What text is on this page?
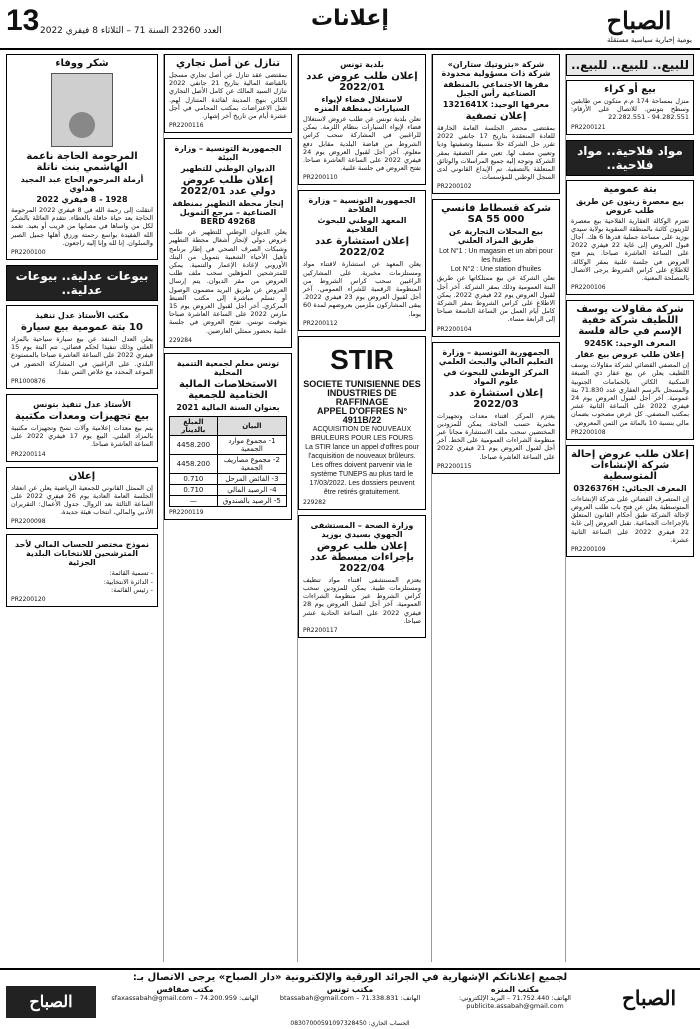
الصباح
يومية إخبارية سياسية مستقلة
إعلانات
العدد 23260 السنة 71 – الثلاثاء 8 فيفري 2022
13
للبيع.. للبيع.. للبيع..
بيع أو كراء
منزل بمساحة 174 م.م متكون من طابقين وسطح بتونس. للاتصال على الأرقام: 94.282.551 - 22.282.551
PR2200121
مواد فلاحية.. مواد فلاحية..
بتة عمومية
بيع معصرة زيتون عن طريق طلب عروض
تعتزم الوكالة العقارية الفلاحية بيع معصرة للزيتون كائنة بالمنطقة السقوية بولاية سيدي بوزيد على مساحة جملية قدرها 6 هك. آجال قبول العروض إلى غاية 22 فيفري 2022 على الساعة العاشرة صباحا. يتم فتح العروض في جلسة علنية بمقر الوكالة. للاطلاع على كراس الشروط يرجى الاتصال بالمصلحة المعنية.
PR2200106
شركة مقاولات يوسف اللطيف شركة خفية الإسم في حالة فلسة
المعرف الوحيد: 9245K
إعلان طلب عروض بيع عقار
إن المصفي القضائي لشركة مقاولات يوسف اللطيف يعلن عن بيع عقار ذي الصبغة السكنية الكائن بالحمامات الجنوبية والمسجل بالرسم العقاري عدد 71.830 بتة عمومية. آخر أجل لقبول العروض يوم 24 فيفري 2022 على الساعة الثانية عشر بمكتب المصفي. كل عرض مصحوب بضمان مالي بنسبة 10 بالمائة من الثمن المعروض.
PR2200108
إعلان طلب عروض إحالة شركة الإنشاءات المتوسطية
المعرف الجبائي: 0326376H
إن المتصرف القضائي على شركة الإنشاءات المتوسطية يعلن عن فتح باب طلب العروض لإحالة الشركة طبق أحكام القانون المتعلق بالإجراءات الجماعية. تقبل العروض إلى غاية 22 فيفري 2022 على الساعة الثانية عشرة.
PR2200109
شركة «بتروتيك ستاران» شركة ذات مسؤولية محدودة
مقرها الاجتماعي بالمنطقة الصناعية رأس الجبل
معرفها الوحيد: 1321641X
إعلان تصفية
بمقتضى محضر الجلسة العامة الخارقة للعادة المنعقدة بتاريخ 17 جانفي 2022 تقرر حل الشركة حلا مسبقا وتصفيتها وديا وتعيين مصف لها. تعين مقر التصفية بمقر الشركة وتوجه إليه جميع المراسلات والوثائق المتعلقة بالتصفية. تم الإيداع القانوني لدى السجل الوطني للمؤسسات.
PR2200102
شركة قسطاط فانسي SA 55 000
بيع المحلات التجارية عن طريق المزاد العلني
Lot N°1 : Un magasin et un abri pour les huiles
Lot N°2 : Une station d'huiles
تعلن الشركة عن بيع ممتلكاتها عن طريق البتة العمومية وذلك بمقر الشركة. آخر أجل لقبول العروض يوم 22 فيفري 2022. يمكن الاطلاع على كراس الشروط بمقر الشركة كامل أيام العمل من الساعة التاسعة صباحا إلى الرابعة مساء.
PR2200104
الجمهورية التونسية – وزارة التعليم العالي والبحث العلمي
المركز الوطني للبحوث في علوم المواد
إعلان استشارة عدد 2022/03
يعتزم المركز اقتناء معدات وتجهيزات مخبرية حسب الحاجة. يمكن للمزودين المختصين سحب ملف الاستشارة مجانا عبر منظومة الشراءات العمومية على الخط. آخر أجل لقبول العروض يوم 21 فيفري 2022 على الساعة العاشرة صباحا.
PR2200115
بلدية تونس
إعلان طلب عروض عدد 2022/01
لاستغلال فضاء لإيواء السيارات بمنطقة المنزه
تعلن بلدية تونس عن طلب عروض لاستغلال فضاء لإيواء السيارات بنظام اللزمة. يمكن للراغبين في المشاركة سحب كراس الشروط من قباضة البلدية مقابل دفع معلوم. آخر أجل لقبول العروض يوم 24 فيفري 2022 على الساعة العاشرة صباحا. تفتح العروض في جلسة علنية.
PR2200110
الجمهورية التونسية – وزارة الفلاحة
المعهد الوطني للبحوث الفلاحية
إعلان استشارة عدد 2022/02
يعلن المعهد عن استشارة لاقتناء مواد ومستلزمات مخبرية. على المشاركين الراغبين سحب كراس الشروط من المنظومة الرقمية للشراء العمومي. آخر أجل لقبول العروض يوم 23 فيفري 2022. يبقى المشاركون ملزمين بعروضهم لمدة 60 يوما.
PR2200112
STIR
SOCIETE TUNISIENNE DES INDUSTRIES DE RAFFINAGE
APPEL D'OFFRES N° 4911B/22
ACQUISITION DE NOUVEAUX BRULEURS POUR LES FOURS
La STIR lance un appel d'offres pour l'acquisition de nouveaux brûleurs. Les offres doivent parvenir via le système TUNEPS au plus tard le 17/03/2022. Les dossiers peuvent être retirés gratuitement.
229282
وزارة الصحة – المستشفى الجهوي بسيدي بوزيد
إعلان طلب عروض بإجراءات مبسطة عدد 2022/04
يعتزم المستشفى اقتناء مواد تنظيف ومستلزمات طبية. يمكن للمزودين سحب كراس الشروط عبر منظومة الشراءات العمومية. آخر أجل لتقبل العروض يوم 28 فيفري 2022 على الساعة الحادية عشر صباحا.
PR2200117
تنازل عن أصل تجاري
بمقتضى عقد تنازل عن أصل تجاري مسجل بالقباضة المالية بتاريخ 21 جانفي 2022 تنازل السيد المالك عن كامل الأصل التجاري الكائن بنهج المدينة لفائدة المتنازل لهم. تقبل الاعتراضات بمكتب المحامي في أجل عشرة أيام من تاريخ آخر إشهار.
PR2200116
الجمهورية التونسية – وزارة البيئة
الديوان الوطني للتطهير
إعلان طلب عروض دولي عدد 2022/01
إنجاز محطة التطهير بمنطقة الصناعية – مرجع التمويل BERD 49268
يعلن الديوان الوطني للتطهير عن طلب عروض دولي لإنجاز أشغال محطة التطهير وشبكات الصرف الصحي في إطار برنامج تأهيل الأحياء الشعبية بتمويل من البنك الأوروبي لإعادة الإعمار والتنمية. يمكن للمترشحين المؤهلين سحب ملف طلب العروض من مقر الديوان. يتم إرسال العروض عن طريق البريد مضمون الوصول أو تسلم مباشرة إلى مكتب الضبط المركزي. آخر أجل لقبول العروض يوم 15 مارس 2022 على الساعة العاشرة صباحا بتوقيت تونس. تفتح العروض في جلسة علنية بحضور ممثلي العارضين.
229284
تونس معلم لجمعية التنمية المحلية
الاستخلاصات المالية الختامية للجمعية
بعنوان السنة المالية 2021
البيان	المبلغ بالدينار
1- مجموع موارد الجمعية	4458.200
2- مجموع مصاريف الجمعية	4458.200
3- الفائض المرحل	0.710
4- الرصيد المالي	0.710
5- الرصيد بالصندوق	—
PR2200119
شكر ووفاء
المرحومة الحاجة ناعمة الهاشمي بنت ناتلة
أرملة المرحوم الحاج عبد المجيد هداوي
1928 - 8 فيفري 2022
انتقلت إلى رحمة الله في 8 فيفري 2022 المرحومة الحاجة بعد حياة حافلة بالعطاء. تتقدم العائلة بالشكر لكل من واساها في مصابها من قريب أو بعيد. تغمد الله الفقيدة بواسع رحمته ورزق أهلها جميل الصبر والسلوان. إنا لله وإنا إليه راجعون.
PR2200100
بيوعات عدلية.. بيوعات عدلية..
مكتب الأستاذ عدل تنفيذ
10 بتة عمومية بيع سيارة
يعلن العدل المنفذ عن بيع سيارة سياحية بالمزاد العلني وذلك تنفيذا لحكم قضائي. تتم البتة يوم 15 فيفري 2022 على الساعة العاشرة صباحا بالمستودع البلدي. على الراغبين في المشاركة الحضور في الموعد المحدد مع خلاص الثمن نقدا.
PR1000876
الأستاذ عدل تنفيذ بتونس
بيع تجهيزات ومعدات مكتبية
يتم بيع معدات إعلامية وآلات نسخ وتجهيزات مكتبية بالمزاد العلني. البيع يوم 17 فيفري 2022 على الساعة العاشرة صباحا.
PR2200114
إعلان
إن الممثل القانوني للجمعية الرياضية يعلن عن انعقاد الجلسة العامة العادية يوم 26 فيفري 2022 على الساعة الثالثة بعد الزوال. جدول الأعمال: التقريران الأدبي والمالي، انتخاب هيئة جديدة.
PR2200098
نموذج مختصر للحساب المالي لأحد المترشحين للانتخابات البلدية الجزئية
- تسمية القائمة:
- الدائرة الانتخابية:
- رئيس القائمة:
PR2200120
لجميع إعلاناتكم الإشهارية في الجرائد الورقية والإلكترونية «دار الصباح» يرجى الاتصال بـ:
الصباح
مكتب المنزه
الهاتف: 71.752.440 – البريد الإلكتروني: publicite.assabah@gmail.com
مكتب تونس
الهاتف: 71.338.831 – btassabah@gmail.com
مكتب صفاقس
الهاتف: 74.200.959 – sfaxassabah@gmail.com
الصباح
الحساب الجاري: 08307000591097328450
